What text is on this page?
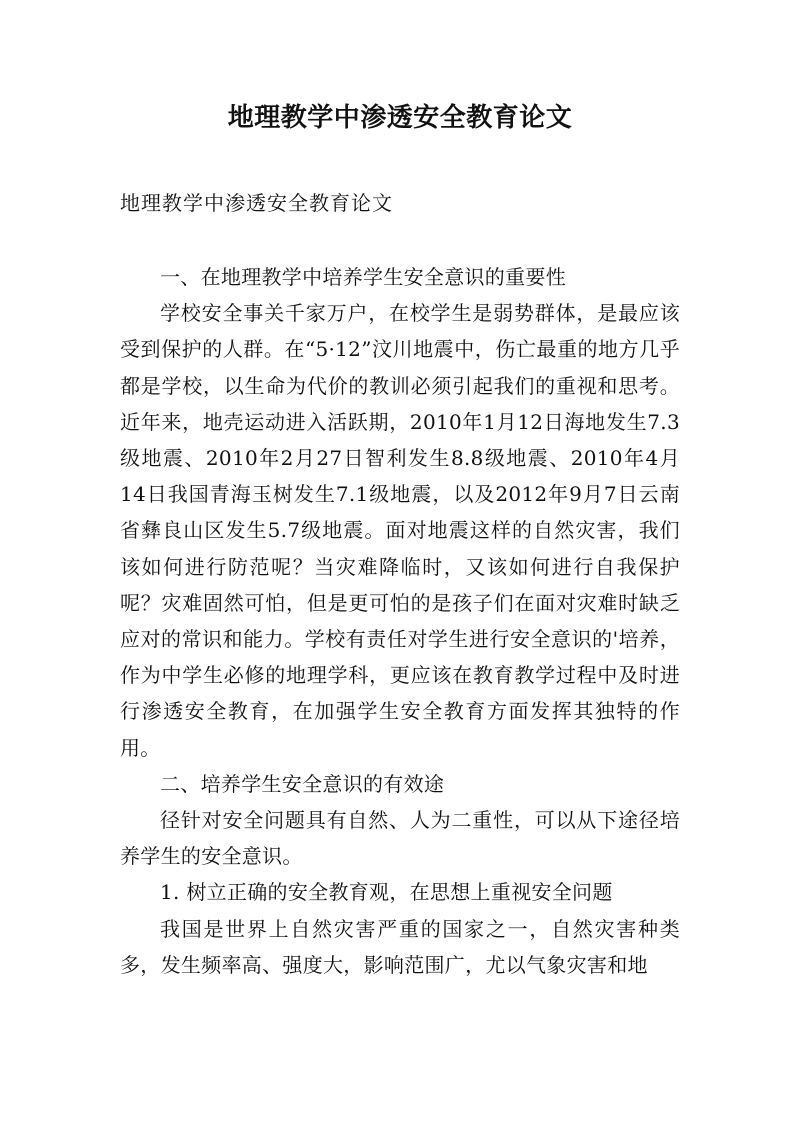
地理教学中渗透安全教育论文

地理教学中渗透安全教育论文

一、在地理教学中培养学生安全意识的重要性

学校安全事关千家万户，在校学生是弱势群体，是最应该受到保护的人群。在“5·12”汶川地震中，伤亡最重的地方几乎都是学校，以生命为代价的教训必须引起我们的重视和思考。近年来，地壳运动进入活跃期，2010年1月12日海地发生7.3级地震、2010年2月27日智利发生8.8级地震、2010年4月14日我国青海玉树发生7.1级地震，以及2012年9月7日云南省彝良山区发生5.7级地震。面对地震这样的自然灾害，我们该如何进行防范呢？当灾难降临时，又该如何进行自我保护呢？灾难固然可怕，但是更可怕的是孩子们在面对灾难时缺乏应对的常识和能力。学校有责任对学生进行安全意识的'培养，作为中学生必修的地理学科，更应该在教育教学过程中及时进行渗透安全教育，在加强学生安全教育方面发挥其独特的作用。

二、培养学生安全意识的有效途

径针对安全问题具有自然、人为二重性，可以从下途径培养学生的安全意识。

1. 树立正确的安全教育观，在思想上重视安全问题

我国是世界上自然灾害严重的国家之一，自然灾害种类多，发生频率高、强度大，影响范围广，尤以气象灾害和地
